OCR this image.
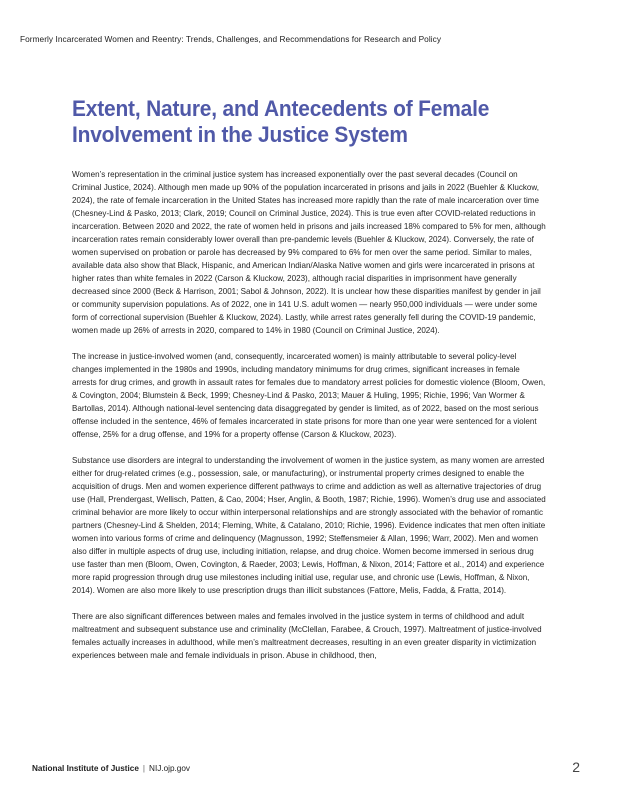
Formerly Incarcerated Women and Reentry: Trends, Challenges, and Recommendations for Research and Policy
Extent, Nature, and Antecedents of Female
Involvement in the Justice System

Women’s representation in the criminal justice system has increased exponentially over the past several decades (Council on Criminal Justice, 2024). Although men made up 90% of the population incarcerated in prisons and jails in 2022 (Buehler & Kluckow, 2024), the rate of female incarceration in the United States has increased more rapidly than the rate of male incarceration over time (Chesney-Lind & Pasko, 2013; Clark, 2019; Council on Criminal Justice, 2024). This is true even after COVID-related reductions in incarceration. Between 2020 and 2022, the rate of women held in prisons and jails increased 18% compared to 5% for men, although incarceration rates remain considerably lower overall than pre-pandemic levels (Buehler & Kluckow, 2024). Conversely, the rate of women supervised on probation or parole has decreased by 9% compared to 6% for men over the same period. Similar to males, available data also show that Black, Hispanic, and American Indian/Alaska Native women and girls were incarcerated in prisons at higher rates than white females in 2022 (Carson & Kluckow, 2023), although racial disparities in imprisonment have generally decreased since 2000 (Beck & Harrison, 2001; Sabol & Johnson, 2022). It is unclear how these disparities manifest by gender in jail or community supervision populations. As of 2022, one in 141 U.S. adult women — nearly 950,000 individuals — were under some form of correctional supervision (Buehler & Kluckow, 2024). Lastly, while arrest rates generally fell during the COVID-19 pandemic, women made up 26% of arrests in 2020, compared to 14% in 1980 (Council on Criminal Justice, 2024).

The increase in justice-involved women (and, consequently, incarcerated women) is mainly attributable to several policy-level changes implemented in the 1980s and 1990s, including mandatory minimums for drug crimes, significant increases in female arrests for drug crimes, and growth in assault rates for females due to mandatory arrest policies for domestic violence (Bloom, Owen, & Covington, 2004; Blumstein & Beck, 1999; Chesney-Lind & Pasko, 2013; Mauer & Huling, 1995; Richie, 1996; Van Wormer & Bartollas, 2014). Although national-level sentencing data disaggregated by gender is limited, as of 2022, based on the most serious offense included in the sentence, 46% of females incarcerated in state prisons for more than one year were sentenced for a violent offense, 25% for a drug offense, and 19% for a property offense (Carson & Kluckow, 2023).

Substance use disorders are integral to understanding the involvement of women in the justice system, as many women are arrested either for drug-related crimes (e.g., possession, sale, or manufacturing), or instrumental property crimes designed to enable the acquisition of drugs. Men and women experience different pathways to crime and addiction as well as alternative trajectories of drug use (Hall, Prendergast, Wellisch, Patten, & Cao, 2004; Hser, Anglin, & Booth, 1987; Richie, 1996). Women’s drug use and associated criminal behavior are more likely to occur within interpersonal relationships and are strongly associated with the behavior of romantic partners (Chesney-Lind & Shelden, 2014; Fleming, White, & Catalano, 2010; Richie, 1996). Evidence indicates that men often initiate women into various forms of crime and delinquency (Magnusson, 1992; Steffensmeier & Allan, 1996; Warr, 2002). Men and women also differ in multiple aspects of drug use, including initiation, relapse, and drug choice. Women become immersed in serious drug use faster than men (Bloom, Owen, Covington, & Raeder, 2003; Lewis, Hoffman, & Nixon, 2014; Fattore et al., 2014) and experience more rapid progression through drug use milestones including initial use, regular use, and chronic use (Lewis, Hoffman, & Nixon, 2014). Women are also more likely to use prescription drugs than illicit substances (Fattore, Melis, Fadda, & Fratta, 2014).

There are also significant differences between males and females involved in the justice system in terms of childhood and adult maltreatment and subsequent substance use and criminality (McClellan, Farabee, & Crouch, 1997). Maltreatment of justice-involved females actually increases in adulthood, while men’s maltreatment decreases, resulting in an even greater disparity in victimization experiences between male and female individuals in prison. Abuse in childhood, then,

National Institute of Justice | NIJ.ojp.gov	2
